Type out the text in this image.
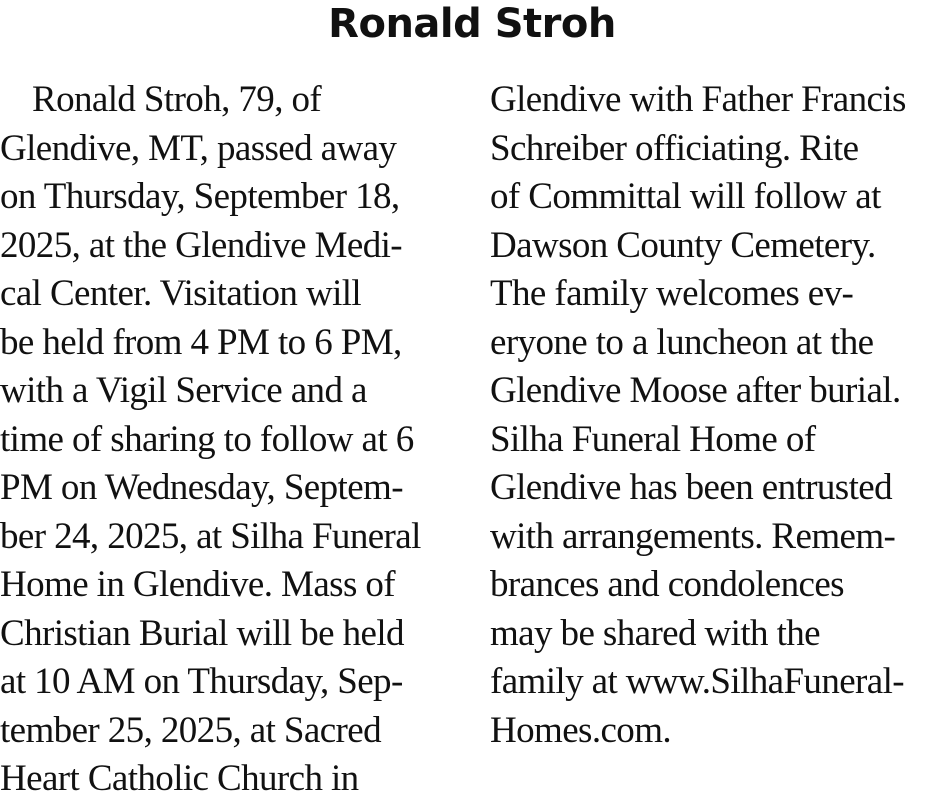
Ronald Stroh
Ronald Stroh, 79, of
Glendive, MT, passed away
on Thursday, September 18,
2025, at the Glendive Medi-
cal Center. Visitation will
be held from 4 PM to 6 PM,
with a Vigil Service and a
time of sharing to follow at 6
PM on Wednesday, Septem-
ber 24, 2025, at Silha Funeral
Home in Glendive. Mass of
Christian Burial will be held
at 10 AM on Thursday, Sep-
tember 25, 2025, at Sacred
Heart Catholic Church in
Glendive with Father Francis
Schreiber officiating. Rite
of Committal will follow at
Dawson County Cemetery.
The family welcomes ev-
eryone to a luncheon at the
Glendive Moose after burial.
Silha Funeral Home of
Glendive has been entrusted
with arrangements. Remem-
brances and condolences
may be shared with the
family at www.SilhaFuneral-
Homes.com.
